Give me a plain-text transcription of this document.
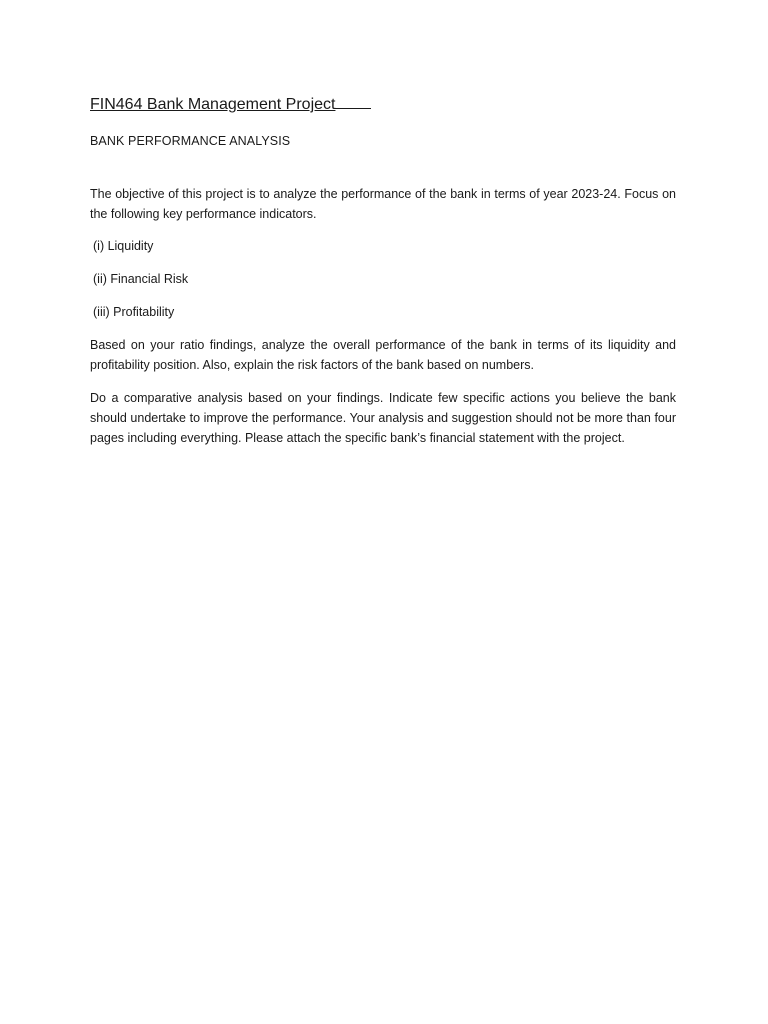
FIN464 Bank Management Project
BANK PERFORMANCE ANALYSIS

The objective of this project is to analyze the performance of the bank in terms of year 2023-24. Focus on the following key performance indicators.

(i) Liquidity
(ii) Financial Risk
(iii) Profitability

Based on your ratio findings, analyze the overall performance of the bank in terms of its liquidity and profitability position. Also, explain the risk factors of the bank based on numbers.

Do a comparative analysis based on your findings. Indicate few specific actions you believe the bank should undertake to improve the performance. Your analysis and suggestion should not be more than four pages including everything. Please attach the specific bank’s financial statement with the project.
